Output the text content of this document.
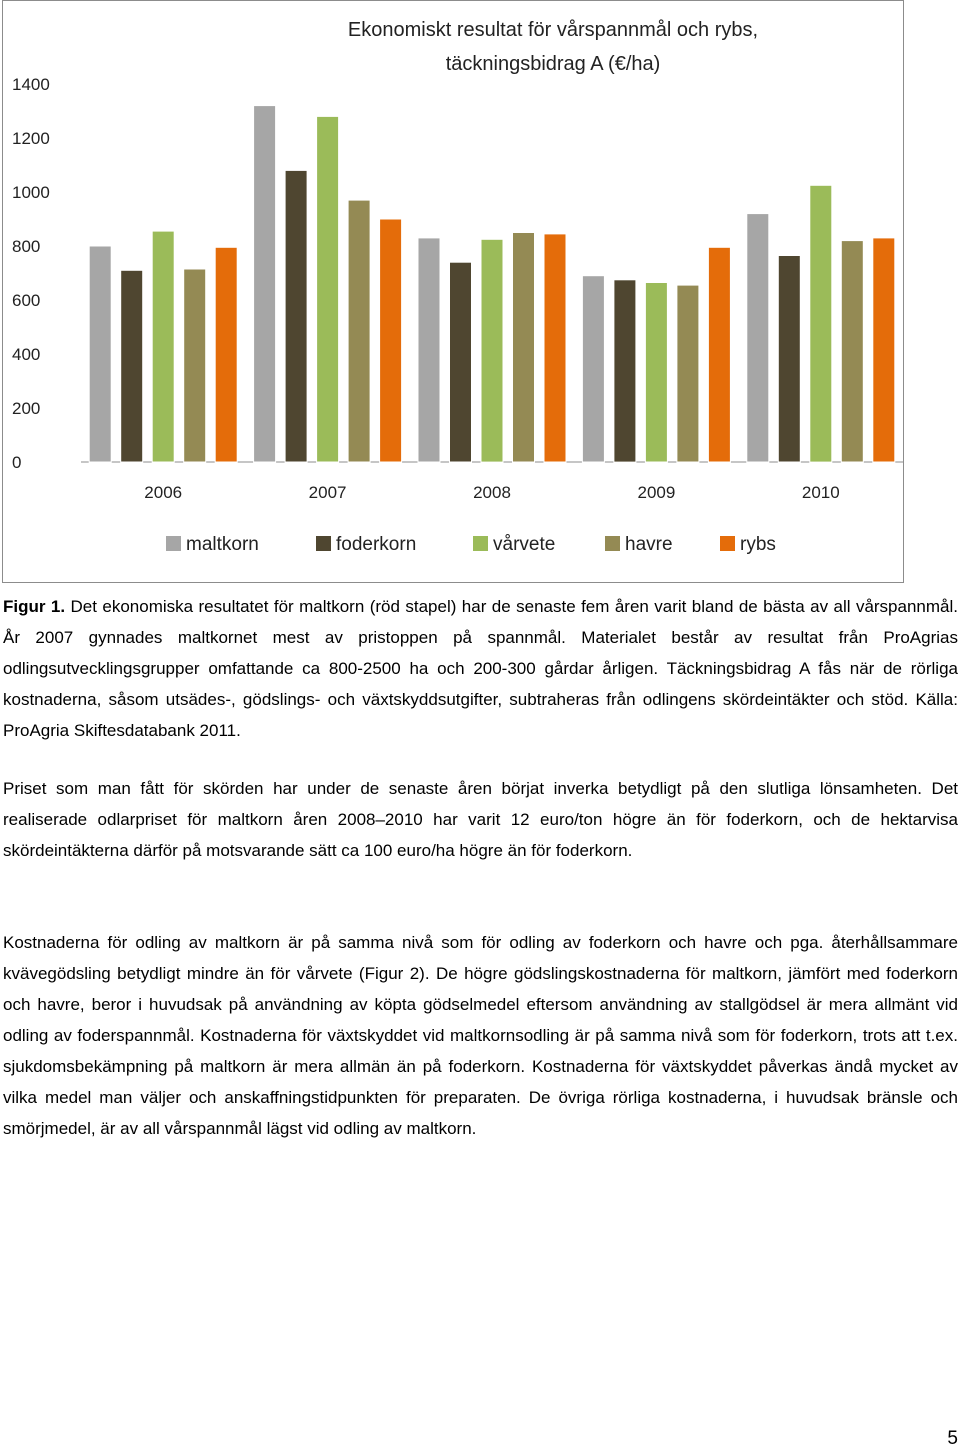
Ekonomiskt resultat för vårspannmål och rybs,
täckningsbidrag A (€/ha)
0
200
400
600
800
1000
1200
1400
2006	2007	2008	2009	2010
maltkorn	foderkorn	vårvete	havre	rybs
Figur 1. Det ekonomiska resultatet för maltkorn (röd stapel) har de senaste fem åren varit bland de bästa av all vårspannmål. År 2007 gynnades maltkornet mest av pristoppen på spannmål. Materialet består av resultat från ProAgrias odlingsutvecklingsgrupper omfattande ca 800-2500 ha och 200-300 gårdar årligen. Täckningsbidrag A fås när de rörliga kostnaderna, såsom utsädes-, gödslings- och växtskyddsutgifter, subtraheras från odlingens skördeintäkter och stöd. Källa: ProAgria Skiftesdatabank 2011.
Priset som man fått för skörden har under de senaste åren börjat inverka betydligt på den slutliga lönsamheten. Det realiserade odlarpriset för maltkorn åren 2008–2010 har varit 12 euro/ton högre än för foderkorn, och de hektarvisa skördeintäkterna därför på motsvarande sätt ca 100 euro/ha högre än för foderkorn.
Kostnaderna för odling av maltkorn är på samma nivå som för odling av foderkorn och havre och pga. återhållsammare kvävegödsling betydligt mindre än för vårvete (Figur 2). De högre gödslingskostnaderna för maltkorn, jämfört med foderkorn och havre, beror i huvudsak på användning av köpta gödselmedel eftersom användning av stallgödsel är mera allmänt vid odling av foderspannmål. Kostnaderna för växtskyddet vid maltkornsodling är på samma nivå som för foderkorn, trots att t.ex. sjukdomsbekämpning på maltkorn är mera allmän än på foderkorn. Kostnaderna för växtskyddet påverkas ändå mycket av vilka medel man väljer och anskaffningstidpunkten för preparaten. De övriga rörliga kostnaderna, i huvudsak bränsle och smörjmedel, är av all vårspannmål lägst vid odling av maltkorn.
5
